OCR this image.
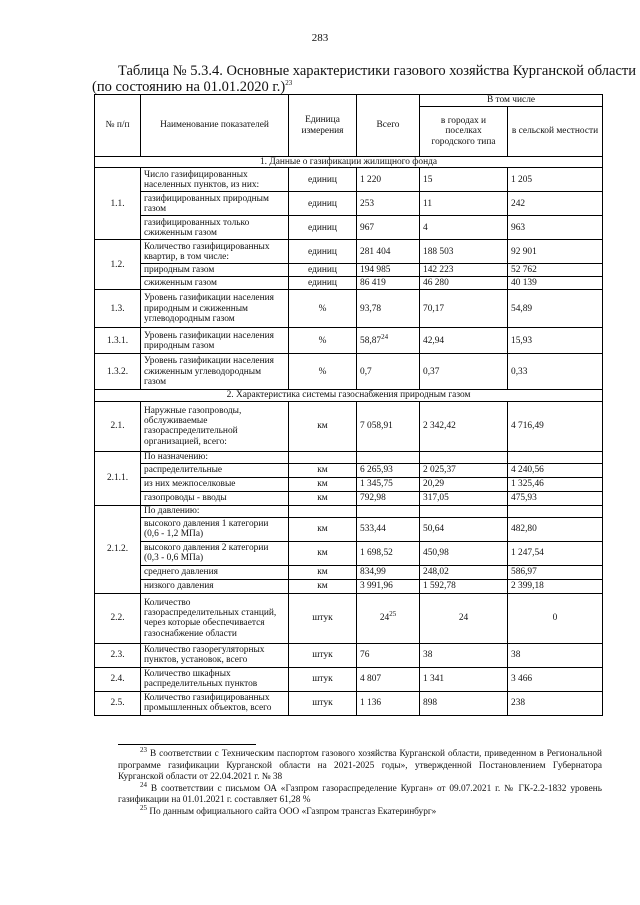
283
Таблица № 5.3.4. Основные характеристики газового хозяйства Курганской области
(по состоянию на 01.01.2020 г.)$^{23}$
№ п/п	Наименование показателей	Единица измерения	Всего	В том числе	
				в городах и поселках городского типа	в сельской местности
1. Данные о газификации жилищного фонда					
1.1.	Число газифицированных населенных пунктов, из них:	единиц	1 220	15	1 205
	газифицированных природным газом	единиц	253	11	242
	газифицированных только сжиженным газом	единиц	967	4	963
1.2.	Количество газифицированных квартир, в том числе:	единиц	281 404	188 503	92 901
	природным газом	единиц	194 985	142 223	52 762
	сжиженным газом	единиц	86 419	46 280	40 139
1.3.	Уровень газификации населения природным и сжиженным углеводородным газом	%	93,78	70,17	54,89
1.3.1.	Уровень газификации населения природным газом	%	58,87$^{24}$	42,94	15,93
1.3.2.	Уровень газификации населения сжиженным углеводородным газом	%	0,7	0,37	0,33
2. Характеристика системы газоснабжения природным газом					
2.1.	Наружные газопроводы, обслуживаемые газораспределительной организацией, всего:	км	7 058,91	2 342,42	4 716,49
2.1.1.	По назначению:				
	распределительные	км	6 265,93	2 025,37	4 240,56
	из них межпоселковые	км	1 345,75	20,29	1 325,46
	газопроводы - вводы	км	792,98	317,05	475,93
2.1.2.	По давлению:				
	высокого давления 1 категории (0,6 - 1,2 МПа)	км	533,44	50,64	482,80
	высокого давления 2 категории (0,3 - 0,6 МПа)	км	1 698,52	450,98	1 247,54
	среднего давления	км	834,99	248,02	586,97
	низкого давления	км	3 991,96	1 592,78	2 399,18
2.2.	Количество газораспределительных станций, через которые обеспечивается газоснабжение области	штук	$24^{25}$	24	0
2.3.	Количество газорегуляторных пунктов, установок, всего	штук	76	38	38
2.4.	Количество шкафных распределительных пунктов	штук	4 807	1 341	3 466
2.5.	Количество газифицированных промышленных объектов, всего	штук	1 136	898	238

$^{23}$ В соответствии с Техническим паспортом газового хозяйства Курганской области, приведенном в Региональной программе газификации Курганской области на 2021-2025 годы», утвержденной Постановлением Губернатора Курганской области от 22.04.2021 г. № 38

$^{24}$ В соответствии с письмом ОА «Газпром газораспределение Курган» от 09.07.2021 г. № ГК-2.2-1832 уровень газификации на 01.01.2021 г. составляет 61,28 %

$^{25}$ По данным официального сайта ООО «Газпром трансгаз Екатеринбург»
